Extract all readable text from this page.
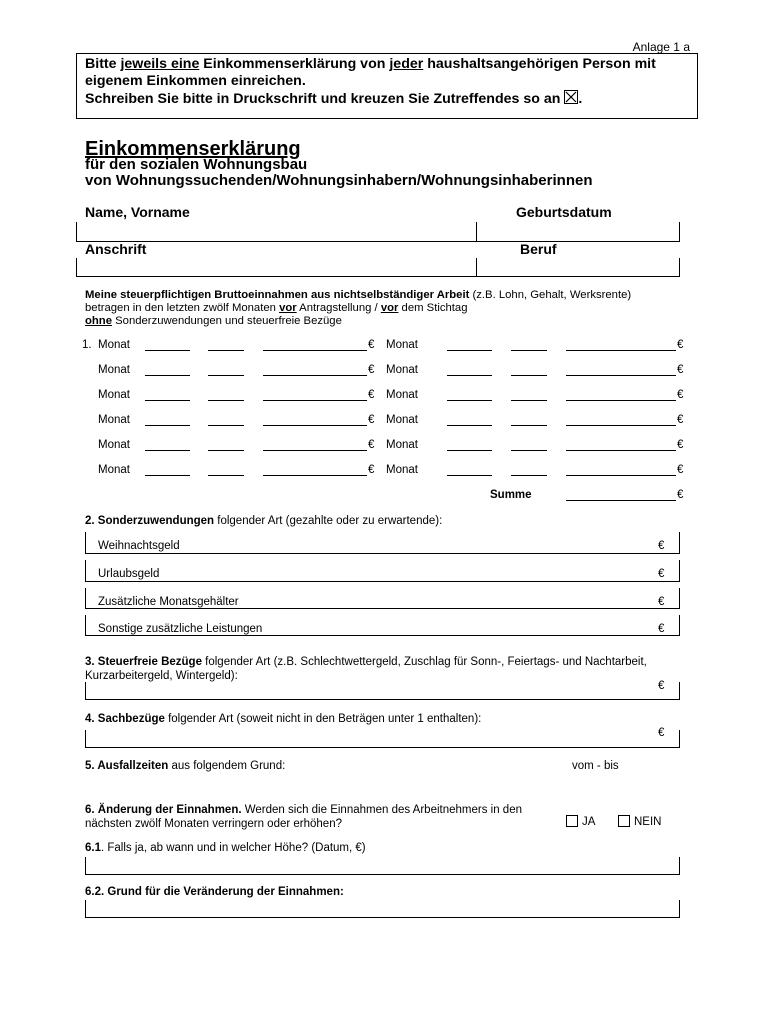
Anlage 1 a
Bitte jeweils eine Einkommenserklärung von jeder haushaltsangehörigen Person mit
eigenem Einkommen einreichen.
Schreiben Sie bitte in Druckschrift und kreuzen Sie Zutreffendes so an .
Einkommenserklärung
für den sozialen Wohnungsbau
von Wohnungssuchenden/Wohnungsinhabern/Wohnungsinhaberinnen
Name, Vorname	Geburtsdatum
Anschrift	Beruf
Meine steuerpflichtigen Bruttoeinnahmen aus nichtselbständiger Arbeit (z.B. Lohn, Gehalt, Werksrente)
betragen in den letzten zwölf Monaten vor Antragstellung / vor dem Stichtag
ohne Sonderzuwendungen und steuerfreie Bezüge
1. Monat	€ Monat	€
Monat	€ Monat	€
Monat	€ Monat	€
Monat	€ Monat	€
Monat	€ Monat	€
Monat	€ Monat	€
Summe	€
2. Sonderzuwendungen folgender Art (gezahlte oder zu erwartende):
Weihnachtsgeld	€
Urlaubsgeld	€
Zusätzliche Monatsgehälter	€
Sonstige zusätzliche Leistungen	€
3. Steuerfreie Bezüge folgender Art (z.B. Schlechtwettergeld, Zuschlag für Sonn-, Feiertags- und Nachtarbeit,
Kurzarbeitergeld, Wintergeld):
€
4. Sachbezüge folgender Art (soweit nicht in den Beträgen unter 1 enthalten):
€
5. Ausfallzeiten aus folgendem Grund:	vom - bis
6. Änderung der Einnahmen. Werden sich die Einnahmen des Arbeitnehmers in den
nächsten zwölf Monaten verringern oder erhöhen?	JA	NEIN
6.1. Falls ja, ab wann und in welcher Höhe? (Datum, €)
6.2. Grund für die Veränderung der Einnahmen:
